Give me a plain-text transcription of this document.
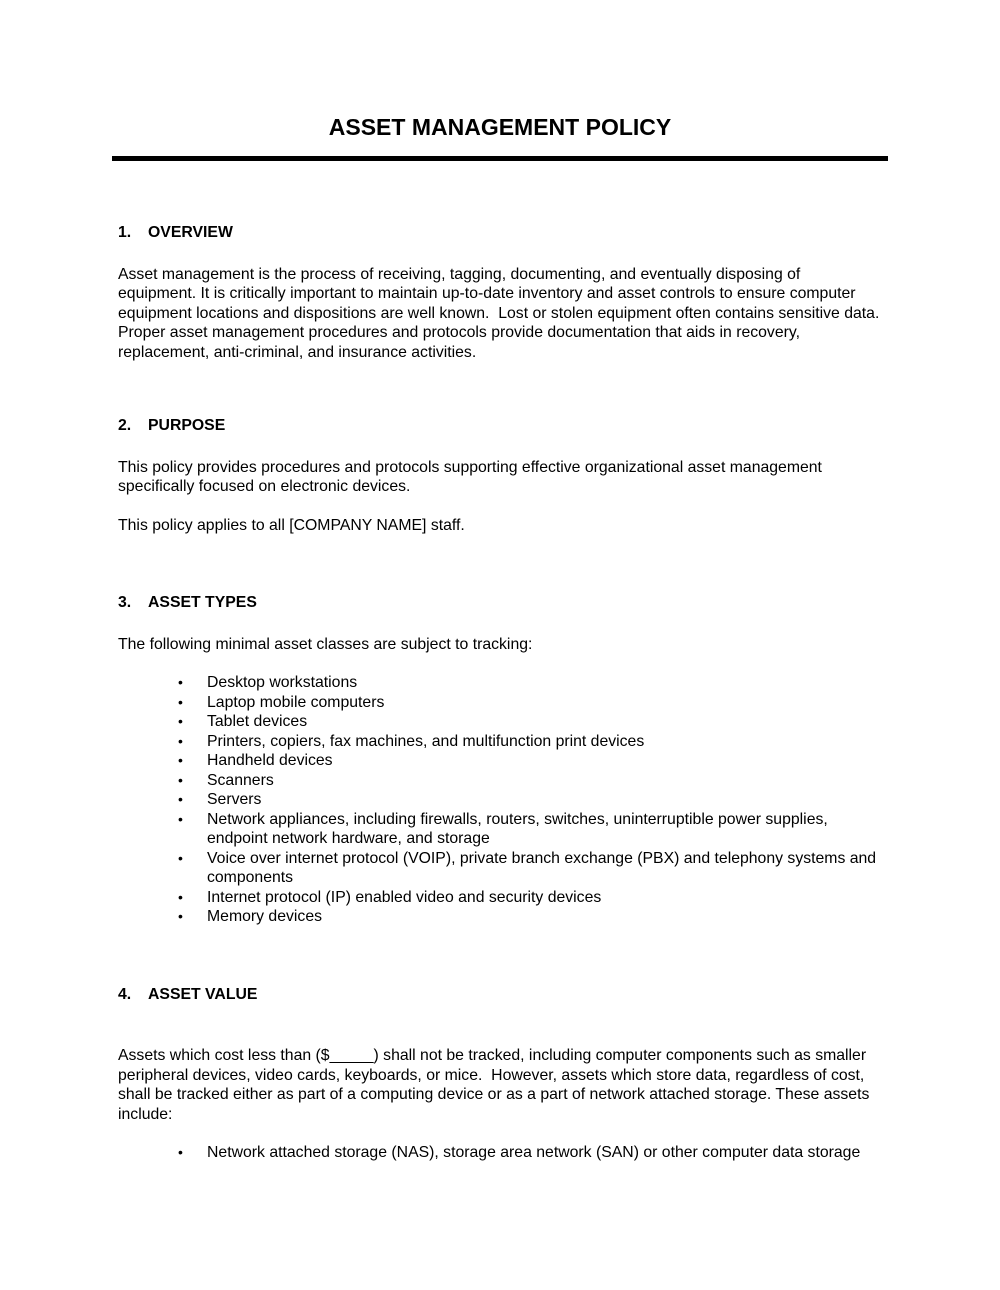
ASSET MANAGEMENT POLICY
1.	OVERVIEW

Asset management is the process of receiving, tagging, documenting, and eventually disposing of equipment. It is critically important to maintain up-to-date inventory and asset controls to ensure computer equipment locations and dispositions are well known.  Lost or stolen equipment often contains sensitive data. Proper asset management procedures and protocols provide documentation that aids in recovery, replacement, anti-criminal, and insurance activities.

2.	PURPOSE

This policy provides procedures and protocols supporting effective organizational asset management specifically focused on electronic devices.

This policy applies to all [COMPANY NAME] staff.

3.	ASSET TYPES

The following minimal asset classes are subject to tracking:

•	Desktop workstations
•	Laptop mobile computers
•	Tablet devices
•	Printers, copiers, fax machines, and multifunction print devices
•	Handheld devices
•	Scanners
•	Servers
•	Network appliances, including firewalls, routers, switches, uninterruptible power supplies, endpoint network hardware, and storage
•	Voice over internet protocol (VOIP), private branch exchange (PBX) and telephony systems and components
•	Internet protocol (IP) enabled video and security devices
•	Memory devices
4.	ASSET VALUE

Assets which cost less than ($_____) shall not be tracked, including computer components such as smaller peripheral devices, video cards, keyboards, or mice.  However, assets which store data, regardless of cost, shall be tracked either as part of a computing device or as a part of network attached storage. These assets include:

•	Network attached storage (NAS), storage area network (SAN) or other computer data storage
